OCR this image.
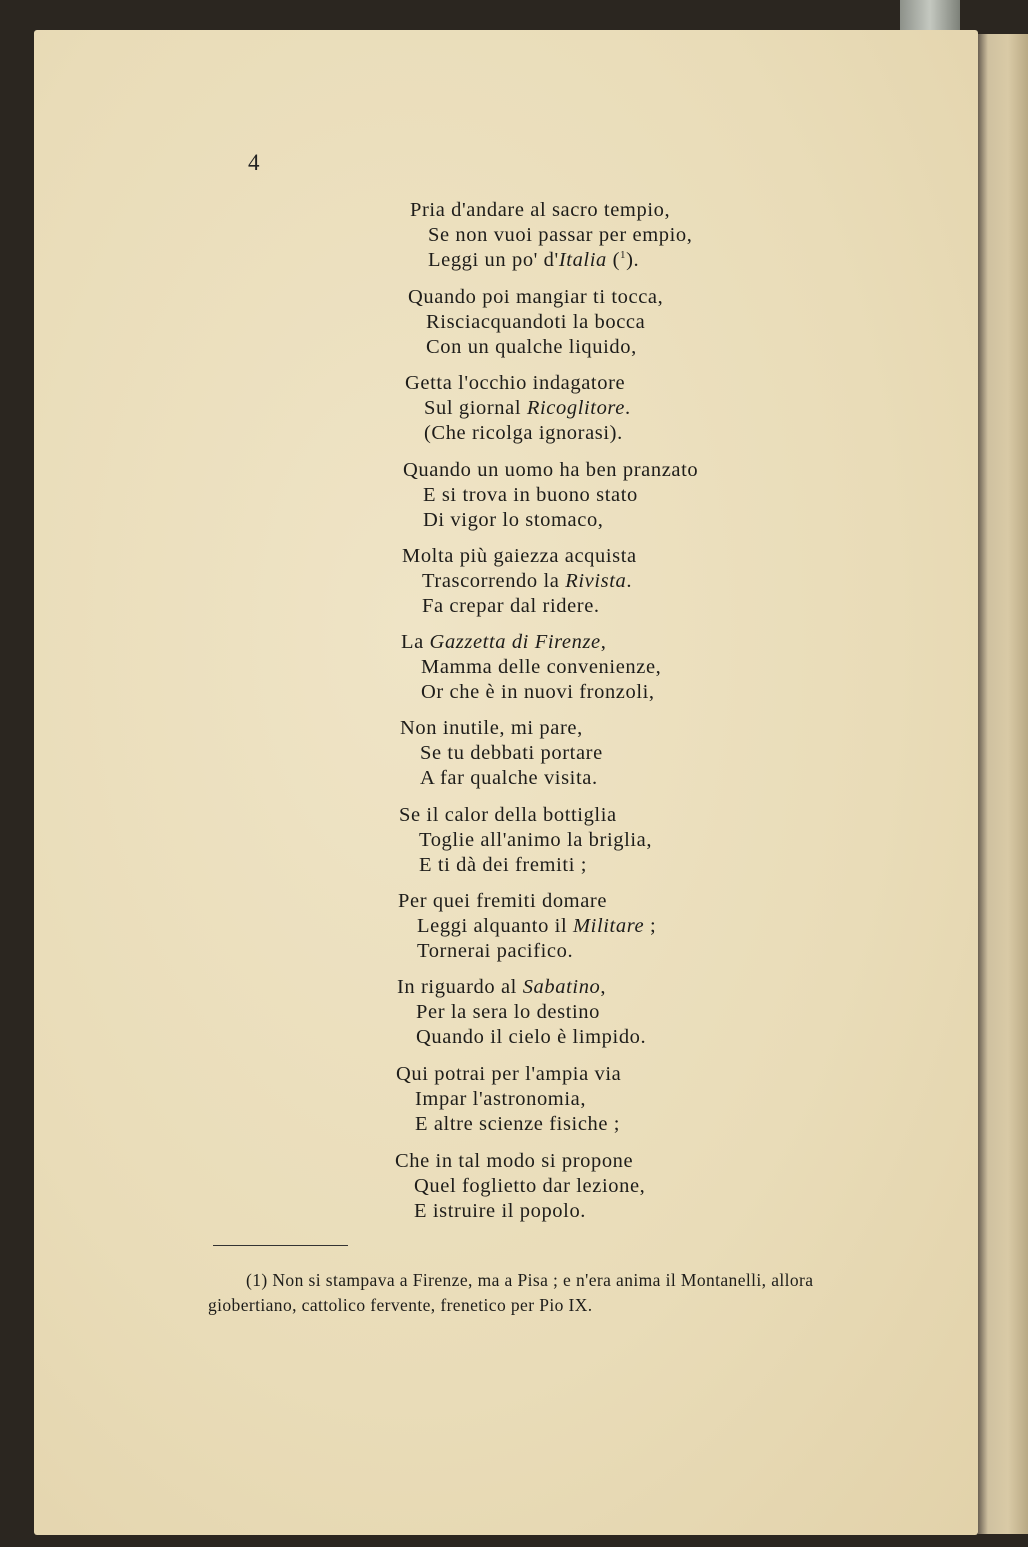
4
Pria d'andare al sacro tempio,
Se non vuoi passar per empio,
Leggi un po' d'Italia ($^1$).
Quando poi mangiar ti tocca,
Risciacquandoti la bocca
Con un qualche liquido,
Getta l'occhio indagatore
Sul giornal Ricoglitore.
(Che ricolga ignorasi).
Quando un uomo ha ben pranzato
E si trova in buono stato
Di vigor lo stomaco,
Molta più gaiezza acquista
Trascorrendo la Rivista.
Fa crepar dal ridere.
La Gazzetta di Firenze,
Mamma delle convenienze,
Or che è in nuovi fronzoli,
Non inutile, mi pare,
Se tu debbati portare
A far qualche visita.
Se il calor della bottiglia
Toglie all'animo la briglia,
E ti dà dei fremiti ;
Per quei fremiti domare
Leggi alquanto il Militare ;
Tornerai pacifico.
In riguardo al Sabatino,
Per la sera lo destino
Quando il cielo è limpido.
Qui potrai per l'ampia via
Impar l'astronomia,
E altre scienze fisiche ;
Che in tal modo si propone
Quel foglietto dar lezione,
E istruire il popolo.
(1) Non si stampava a Firenze, ma a Pisa ; e n'era anima il Montanelli, allora
giobertiano, cattolico fervente, frenetico per Pio IX.
